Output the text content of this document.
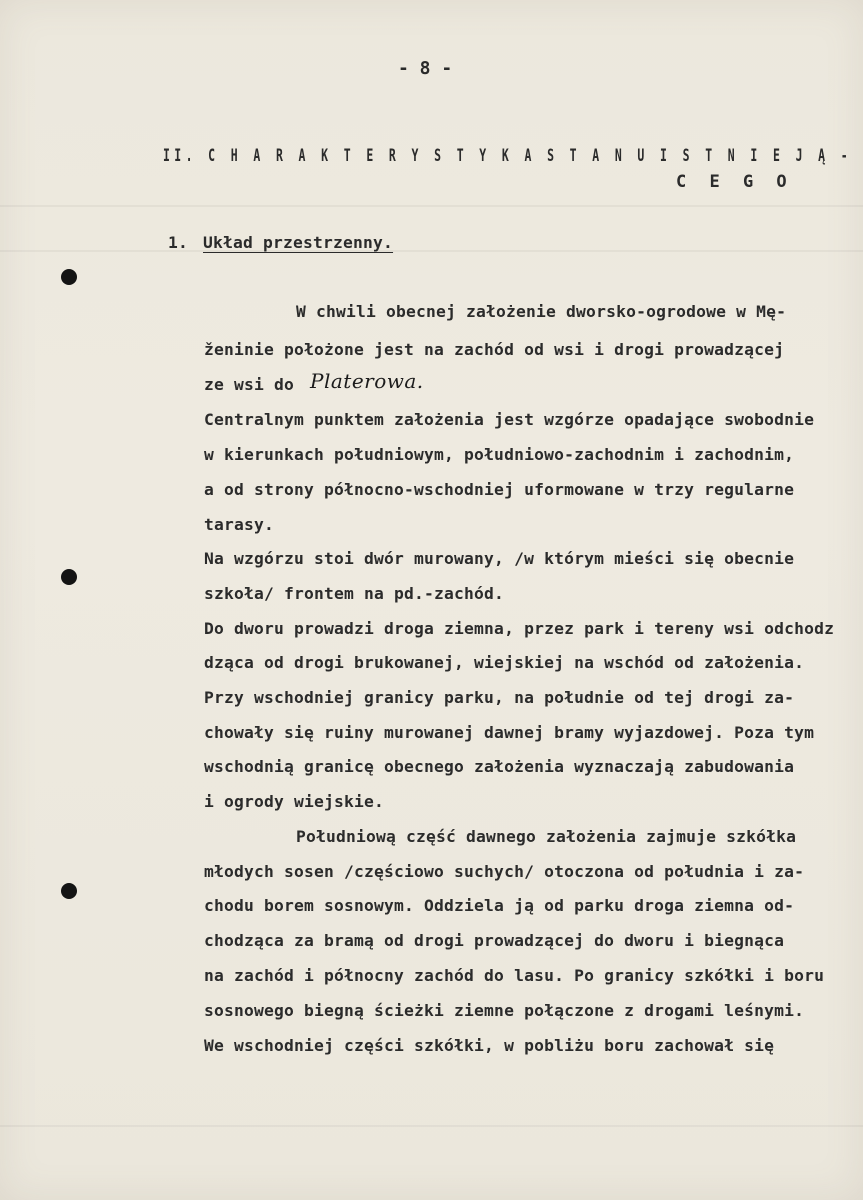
- 8 -
II. C H A R A K T E R Y S T Y K A S T A N U I S T N I E J Ą -
C E G O
1. Układ przestrzenny.
W chwili obecnej założenie dworsko-ogrodowe w Mę-
ženinie położone jest na zachód od wsi i drogi prowadzącej
ze wsi do Platerowa.
Centralnym punktem założenia jest wzgórze opadające swobodnie
w kierunkach południowym, południowo-zachodnim i zachodnim,
a od strony północno-wschodniej uformowane w trzy regularne
tarasy.
Na wzgórzu stoi dwór murowany, /w którym mieści się obecnie
szkoła/ frontem na pd.-zachód.
Do dworu prowadzi droga ziemna, przez park i tereny wsi odchodz
dząca od drogi brukowanej, wiejskiej na wschód od założenia.
Przy wschodniej granicy parku, na południe od tej drogi za-
chowały się ruiny murowanej dawnej bramy wyjazdowej. Poza tym
wschodnią granicę obecnego założenia wyznaczają zabudowania
i ogrody wiejskie.
Południową część dawnego założenia zajmuje szkółka
młodych sosen /częściowo suchych/ otoczona od południa i za-
chodu borem sosnowym. Oddziela ją od parku droga ziemna od-
chodząca za bramą od drogi prowadzącej do dworu i biegnąca
na zachód i północny zachód do lasu. Po granicy szkółki i boru
sosnowego biegną ścieżki ziemne połączone z drogami leśnymi.
We wschodniej części szkółki, w pobliżu boru zachował się
